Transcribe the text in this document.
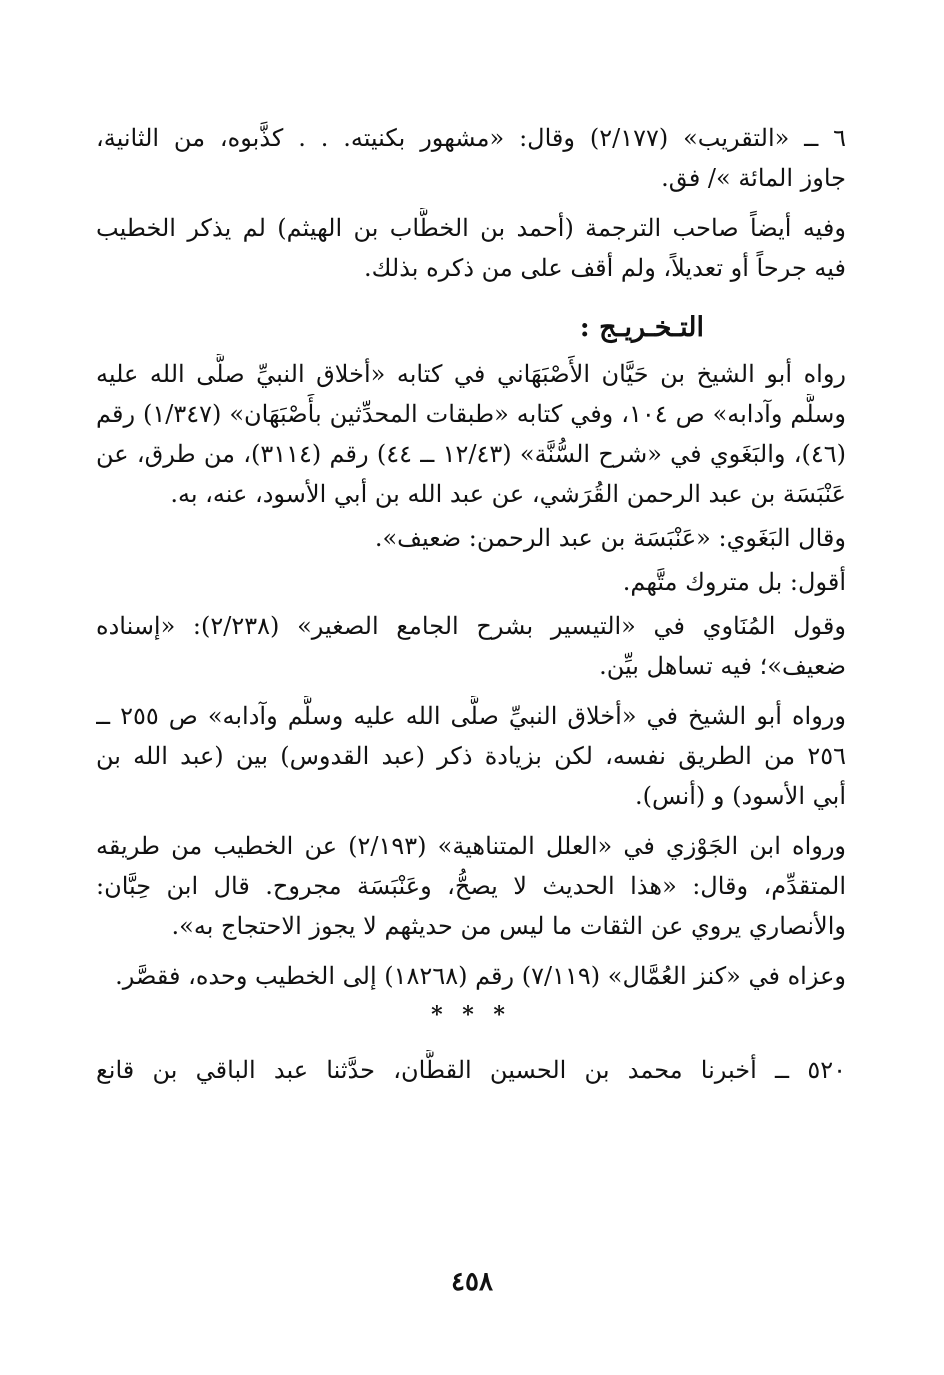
٦ ــ «التقريب» (٢/١٧٧) وقال: «مشهور بكنيته. . . كذَّبوه، من الثانية،
جاوز المائة »/ فق.
وفيه أيضاً صاحب الترجمة (أحمد بن الخطَّاب بن الهيثم) لم يذكر الخطيب
فيه جرحاً أو تعديلاً، ولم أقف على من ذكره بذلك.
التـخـريـج :
رواه أبو الشيخ بن حَيَّان الأَصْبَهَاني في كتابه «أخلاق النبيِّ صلَّى الله عليه
وسلَّم وآدابه» ص ١٠٤، وفي كتابه «طبقات المحدِّثين بأَصْبَهَان» (١/٣٤٧) رقم
(٤٦)، والبَغَوي في «شرح السُّنَّة» (١٢/٤٣ ــ ٤٤) رقم (٣١١٤)، من طرق، عن
عَنْبَسَة بن عبد الرحمن القُرَشي، عن عبد الله بن أبي الأسود، عنه، به.
وقال البَغَوي: «عَنْبَسَة بن عبد الرحمن: ضعيف».
أقول: بل متروك متَّهم.
وقول المُنَاوي في «التيسير بشرح الجامع الصغير» (٢/٢٣٨): «إسناده
ضعيف»؛ فيه تساهل بيِّن.
ورواه أبو الشيخ في «أخلاق النبيِّ صلَّى الله عليه وسلَّم وآدابه» ص ٢٥٥ ــ
٢٥٦ من الطريق نفسه، لكن بزيادة ذكر (عبد القدوس) بين (عبد الله بن
أبي الأسود) و (أنس).
ورواه ابن الجَوْزي في «العلل المتناهية» (٢/١٩٣) عن الخطيب من طريقه
المتقدِّم، وقال: «هذا الحديث لا يصحُّ، وعَنْبَسَة مجروح. قال ابن حِبَّان:
والأنصاري يروي عن الثقات ما ليس من حديثهم لا يجوز الاحتجاج به».
وعزاه في «كنز العُمَّال» (٧/١١٩) رقم (١٨٢٦٨) إلى الخطيب وحده، فقصَّر.
* * *
٥٢٠ ــ أخبرنا محمد بن الحسين القطَّان، حدَّثنا عبد الباقي بن قانع
٤٥٨
